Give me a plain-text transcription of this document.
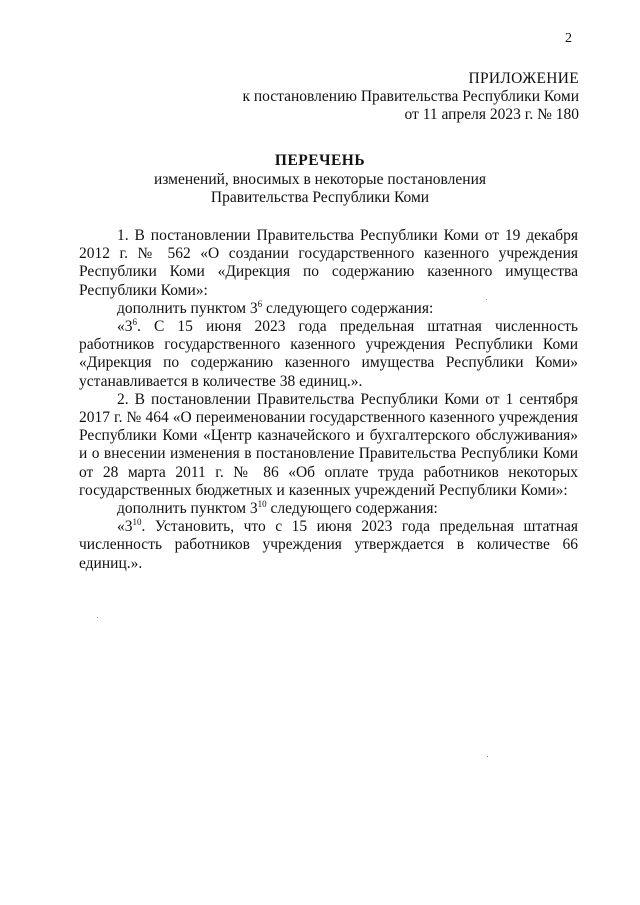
2
ПРИЛОЖЕНИЕ
к постановлению Правительства Республики Коми
от 11 апреля 2023 г. № 180
ПЕРЕЧЕНЬ
изменений, вносимых в некоторые постановления
Правительства Республики Коми

1. В постановлении Правительства Республики Коми от 19 декабря 2012 г. № 562 «О создании государственного казенного учреждения Республики Коми «Дирекция по содержанию казенного имущества Республики Коми»:

дополнить пунктом $3^6$ следующего содержания:

«$3^6$. С 15 июня 2023 года предельная штатная численность работников государственного казенного учреждения Республики Коми «Дирекция по содержанию казенного имущества Республики Коми» устанавливается в количестве 38 единиц.».

2. В постановлении Правительства Республики Коми от 1 сентября 2017 г. № 464 «О переименовании государственного казенного учреждения Республики Коми «Центр казначейского и бухгалтерского обслуживания» и о внесении изменения в постановление Правительства Республики Коми от 28 марта 2011 г. № 86 «Об оплате труда работников некоторых государственных бюджетных и казенных учреждений Республики Коми»:

дополнить пунктом $3^{10}$ следующего содержания:

«$3^{10}$. Установить, что с 15 июня 2023 года предельная штатная численность работников учреждения утверждается в количестве 66 единиц.».
